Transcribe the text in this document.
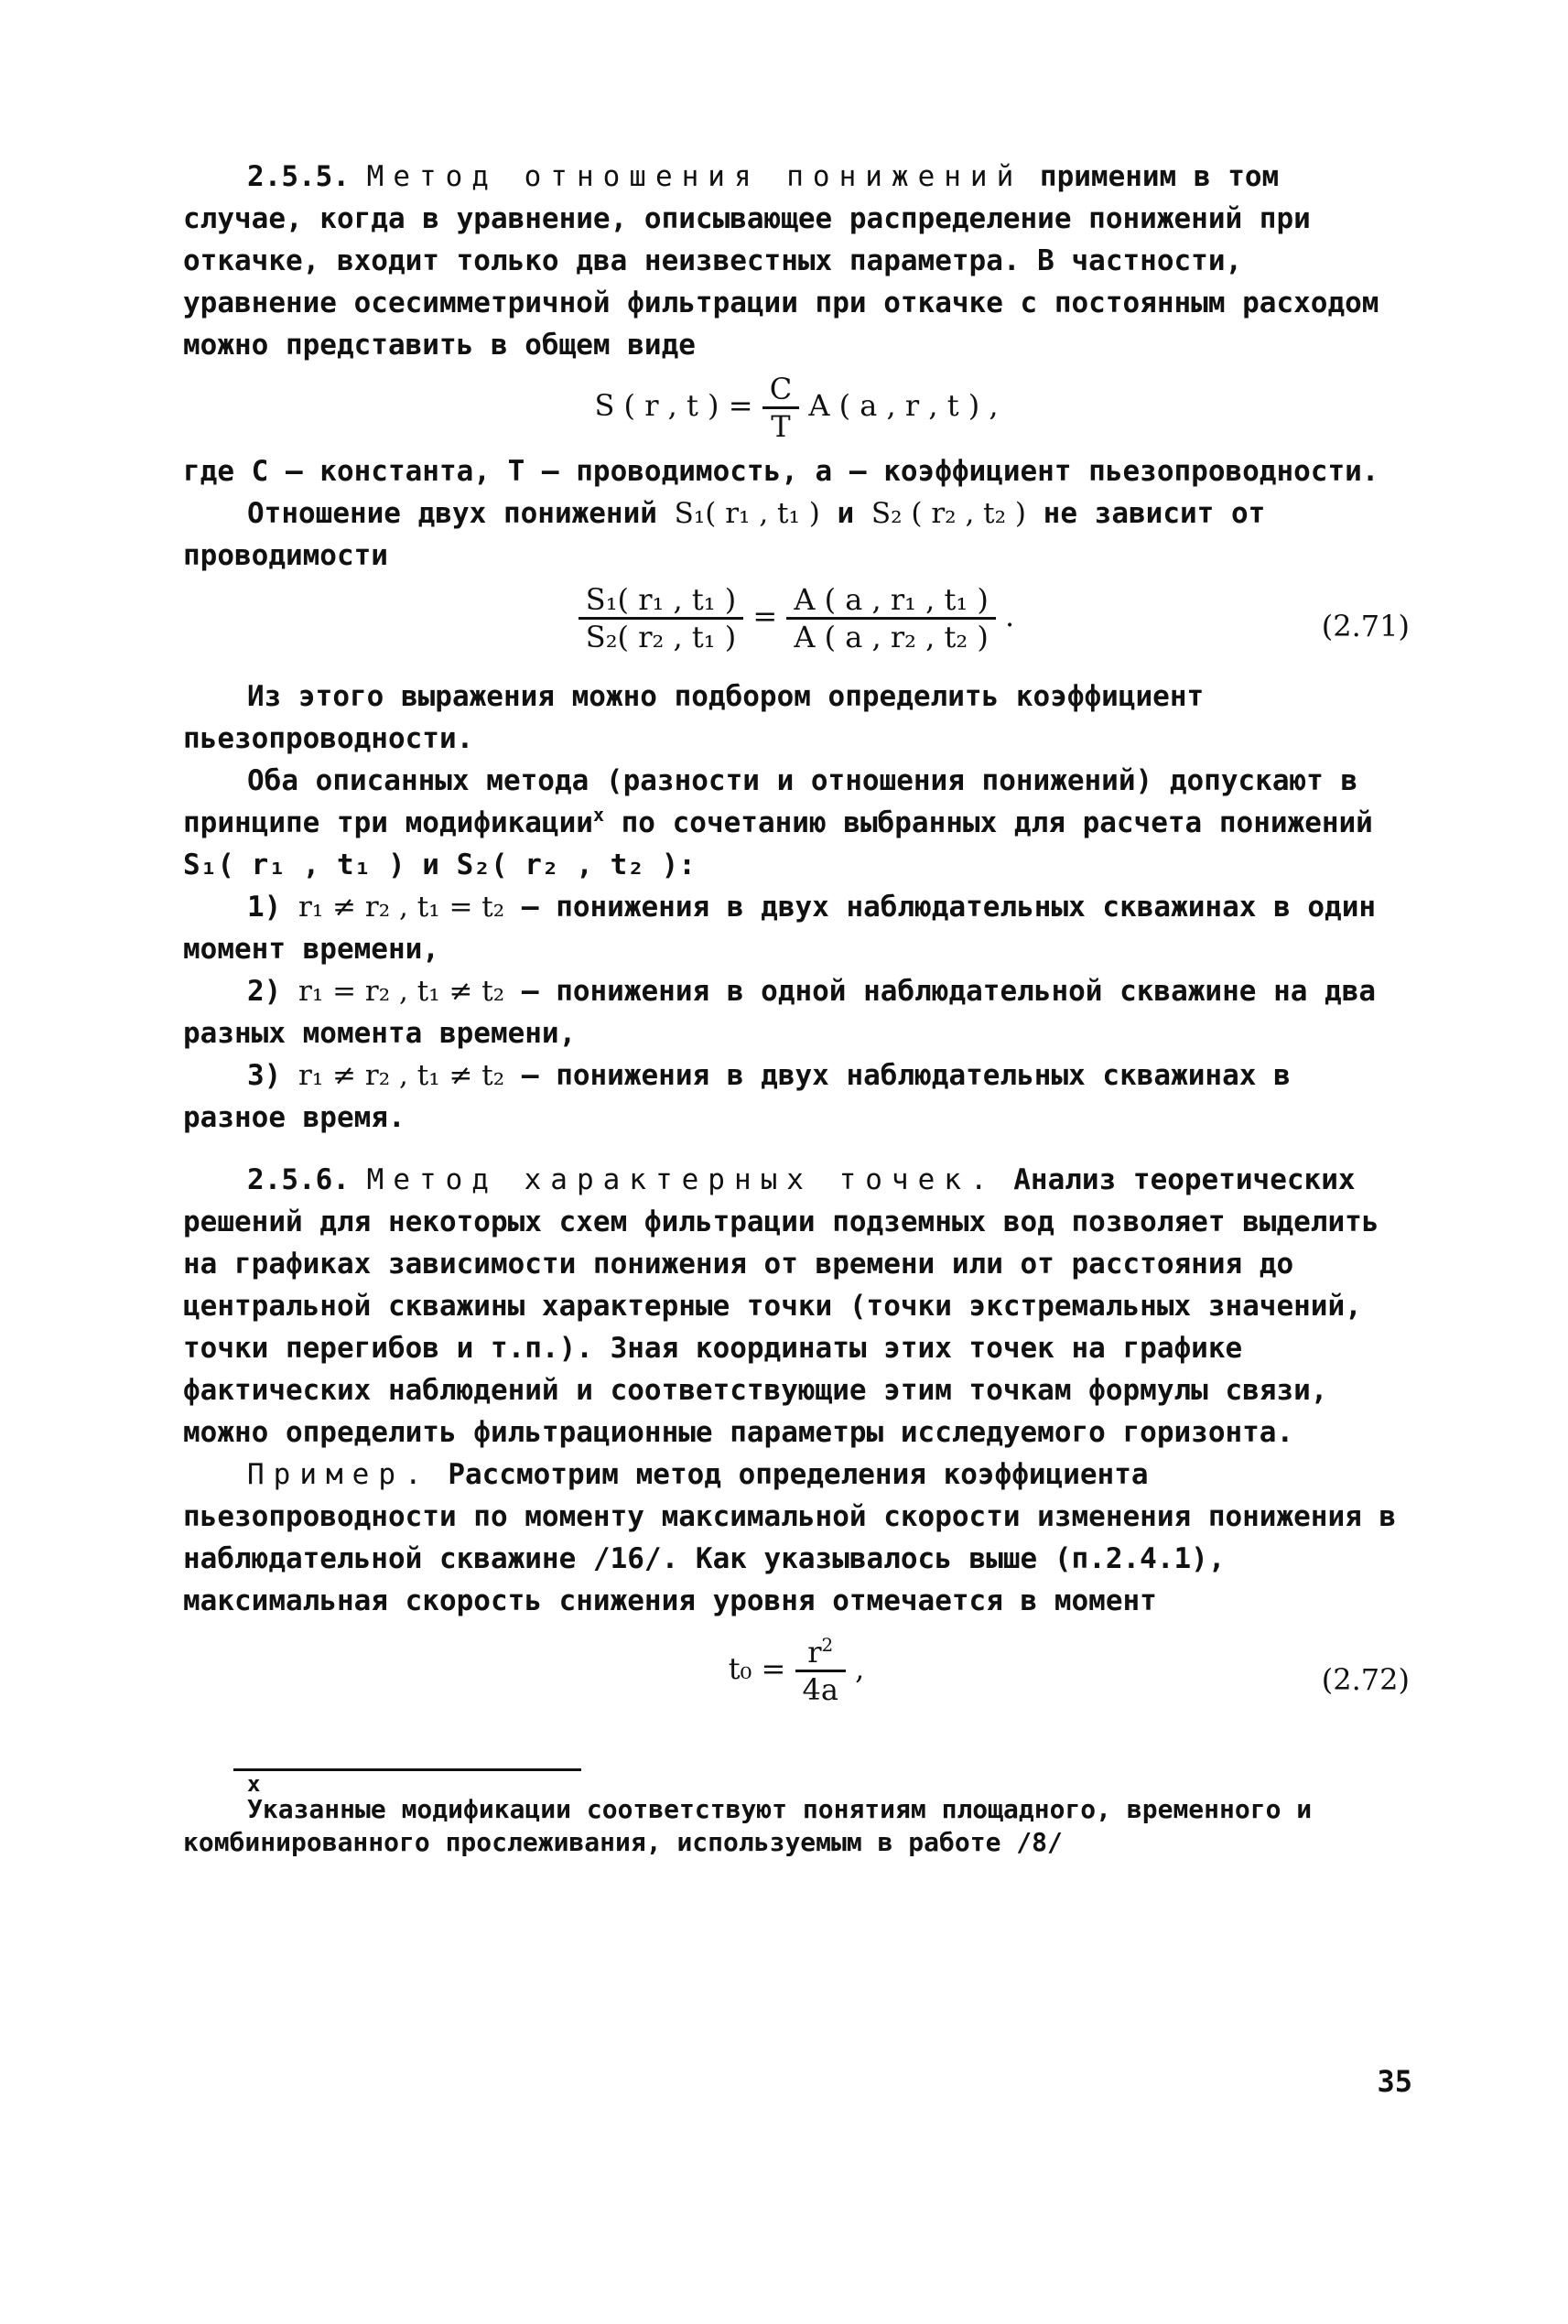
2.5.5. Метод отношения понижений применим в том случае, когда в уравнение, описывающее распределение понижений при откачке, входит только два неизвестных параметра. В частности, уравнение осесимметричной фильтрации при откачке с постоянным расходом можно представить в общем виде

S ( r , t ) = $\frac{C}{T}$ A ( a , r , t ) ,

где C – константа, T – проводимость, a – коэффициент пьезопроводности.

Отношение двух понижений S₁( r₁ , t₁ ) и S₂ ( r₂ , t₂ ) не зависит от проводимости

$\frac{\text{S₁( r₁ , t₁ )}}{\text{S₂( r₂ , t₁ )}} = \frac{\text{A ( a , r₁ , t₁ )}}{\text{A ( a , r₂ , t₂ )}}$ .	(2.71)

Из этого выражения можно подбором определить коэффициент пьезопроводности.

Оба описанных метода (разности и отношения понижений) допускают в принципе три модификации$^x$ по сочетанию выбранных для расчета понижений S₁( r₁ , t₁ ) и S₂( r₂ , t₂ ):

1) r₁ ≠ r₂ , t₁ = t₂ – понижения в двух наблюдательных скважинах в один момент времени,

2) r₁ = r₂ , t₁ ≠ t₂ – понижения в одной наблюдательной скважине на два разных момента времени,

3) r₁ ≠ r₂ , t₁ ≠ t₂ – понижения в двух наблюдательных скважинах в разное время.

2.5.6. Метод характерных точек. Анализ теоретических решений для некоторых схем фильтрации подземных вод позволяет выделить на графиках зависимости понижения от времени или от расстояния до центральной скважины характерные точки (точки экстремальных значений, точки перегибов и т.п.). Зная координаты этих точек на графике фактических наблюдений и соответствующие этим точкам формулы связи, можно определить фильтрационные параметры исследуемого горизонта.

Пример. Рассмотрим метод определения коэффициента пьезопроводности по моменту максимальной скорости изменения понижения в наблюдательной скважине /16/. Как указывалось выше (п.2.4.1), максимальная скорость снижения уровня отмечается в момент

$t_0 = \frac{r^2}{4a}$ ,	(2.72)
x

Указанные модификации соответствуют понятиям площадного, временного и комбинированного прослеживания, используемым в работе /8/

35
